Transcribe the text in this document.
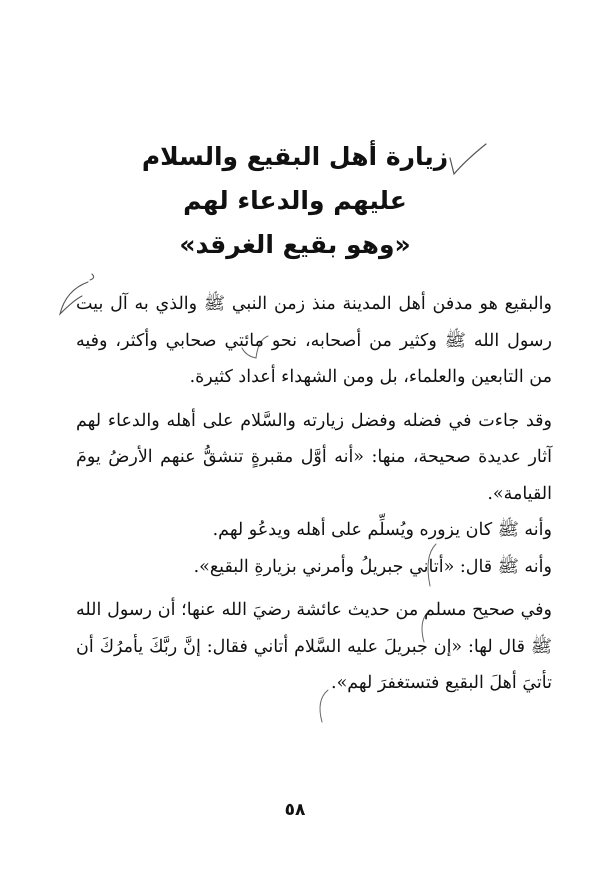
زيارة أهل البقيع والسلام
عليهم والدعاء لهم
«وهو بقيع الغرقد»

والبقيع هو مدفن أهل المدينة منذ زمن النبي ﷺ والذي به آل بيت رسول الله ﷺ وكثير من أصحابه، نحو مائتي صحابي وأكثر، وفيه من التابعين والعلماء، بل ومن الشهداء أعداد كثيرة.

وقد جاءت في فضله وفضل زيارته والسَّلام على أهله والدعاء لهم آثار عديدة صحيحة، منها: «أنه أوَّل مقبرةٍ تنشقُّ عنهم الأرضُ يومَ القيامة».

وأنه ﷺ كان يزوره ويُسلِّم على أهله ويدعُو لهم.

وأنه ﷺ قال: «أتاني جبريلُ وأمرني بزيارةِ البقيع».

وفي صحيح مسلم من حديث عائشة رضيَ الله عنها؛ أن رسول الله ﷺ قال لها: «إن جبريلَ عليه السَّلام أتاني فقال: إنَّ ربَّكَ يأمرُكَ أن تأتيَ أهلَ البقيع فتستغفرَ لهم».

٥٨
